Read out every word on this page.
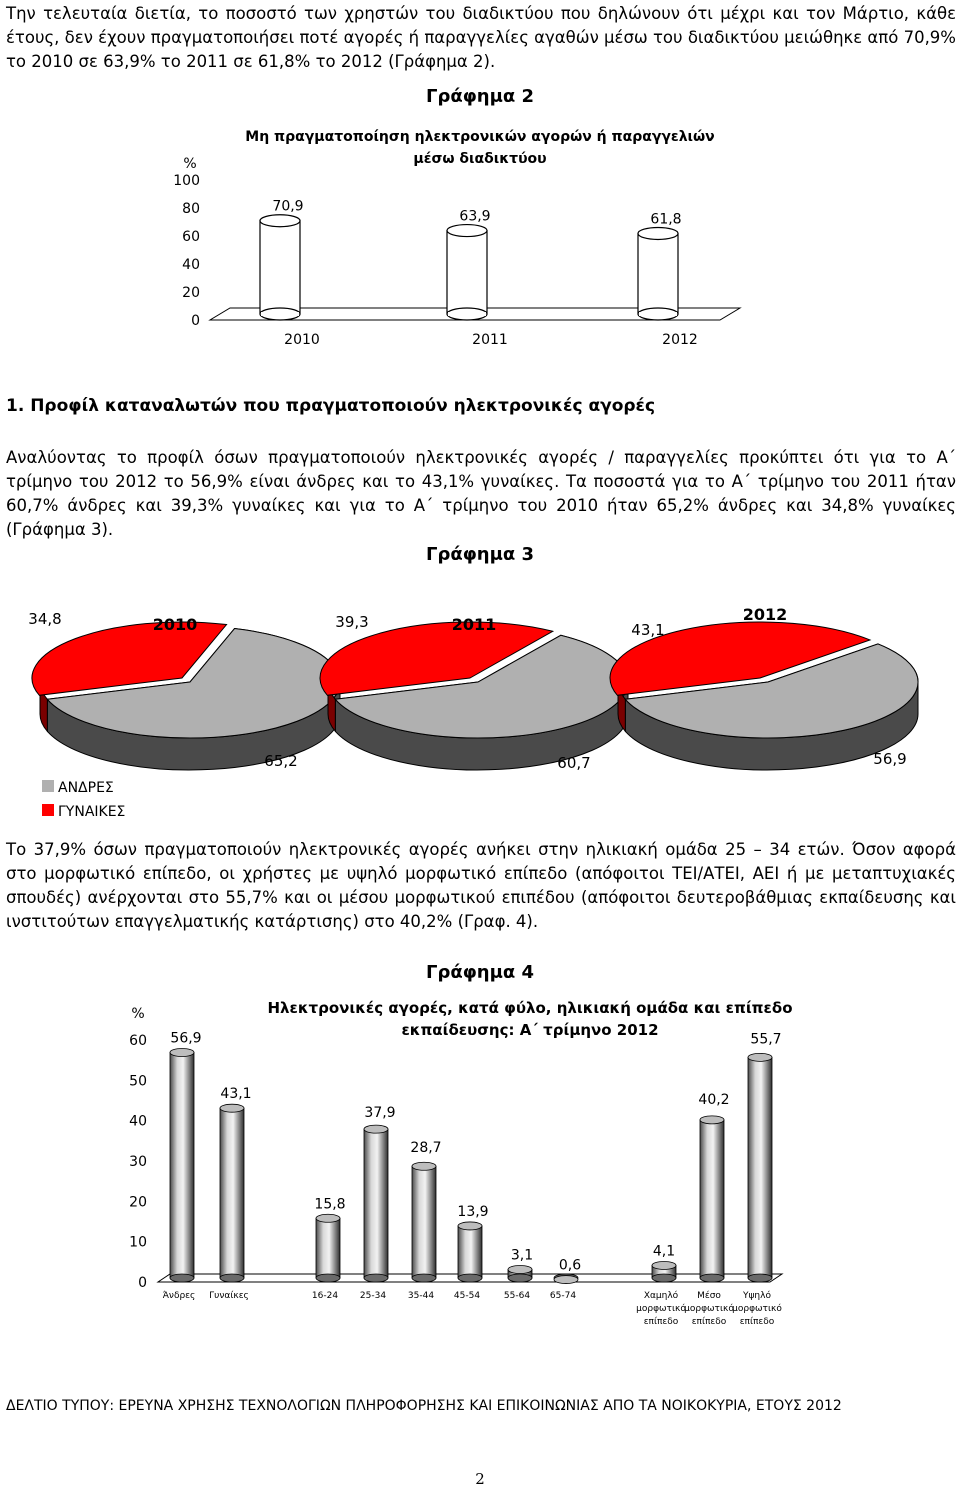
Την τελευταία διετία, το ποσοστό των χρηστών του διαδικτύου που δηλώνουν ότι μέχρι και τον Μάρτιο, κάθε έτους, δεν έχουν πραγματοποιήσει ποτέ αγορές ή παραγγελίες αγαθών μέσω του διαδικτύου μειώθηκε από 70,9% το 2010 σε 63,9% το 2011 σε 61,8% το 2012 (Γράφημα 2).

Γράφημα 2
Μη πραγματοποίηση ηλεκτρονικών αγορών ή παραγγελιών
μέσω διαδικτύου
%
100
80
60
40
20
0
70,9
2010
63,9
2011
61,8
2012
1. Προφίλ καταναλωτών που πραγματοποιούν ηλεκτρονικές αγορές

Αναλύοντας το προφίλ όσων πραγματοποιούν ηλεκτρονικές αγορές / παραγγελίες προκύπτει ότι για το Α΄ τρίμηνο του 2012 το 56,9% είναι άνδρες και το 43,1% γυναίκες. Τα ποσοστά για το Α΄ τρίμηνο του 2011 ήταν 60,7% άνδρες και 39,3% γυναίκες και για το Α΄ τρίμηνο του 2010 ήταν 65,2% άνδρες και 34,8% γυναίκες (Γράφημα 3).

Γράφημα 3
2010
34,8
65,2
2011
39,3
60,7
2012
43,1
56,9
ΑΝΔΡΕΣ
ΓΥΝΑΙΚΕΣ

Το 37,9% όσων πραγματοποιούν ηλεκτρονικές αγορές ανήκει στην ηλικιακή ομάδα 25 – 34 ετών. Όσον αφορά στο μορφωτικό επίπεδο, οι χρήστες με υψηλό μορφωτικό επίπεδο (απόφοιτοι ΤΕΙ/ΑΤΕΙ, ΑΕΙ ή με μεταπτυχιακές σπουδές) ανέρχονται στο 55,7% και οι μέσου μορφωτικού επιπέδου (απόφοιτοι δευτεροβάθμιας εκπαίδευσης και ινστιτούτων επαγγελματικής κατάρτισης) στο 40,2% (Γραφ. 4).

Γράφημα 4
Ηλεκτρονικές αγορές, κατά φύλο, ηλικιακή ομάδα και επίπεδο
εκπαίδευσης: Α΄ τρίμηνο 2012
%
60
50
40
30
20
10
0
56,9
Άνδρες
43,1
Γυναίκες
15,8
16-24
37,9
25-34
28,7
35-44
13,9
45-54
3,1
55-64
0,6
65-74
4,1
Χαμηλό
μορφωτικό
επίπεδο
40,2
Μέσο
μορφωτικό
επίπεδο
55,7
Υψηλό
μορφωτικό
επίπεδο
ΔΕΛΤΙΟ ΤΥΠΟΥ: ΕΡΕΥΝΑ ΧΡΗΣΗΣ ΤΕΧΝΟΛΟΓΙΩΝ ΠΛΗΡΟΦΟΡΗΣΗΣ ΚΑΙ ΕΠΙΚΟΙΝΩΝΙΑΣ ΑΠΟ ΤΑ ΝΟΙΚΟΚΥΡΙΑ, ΕΤΟΥΣ 2012
2
